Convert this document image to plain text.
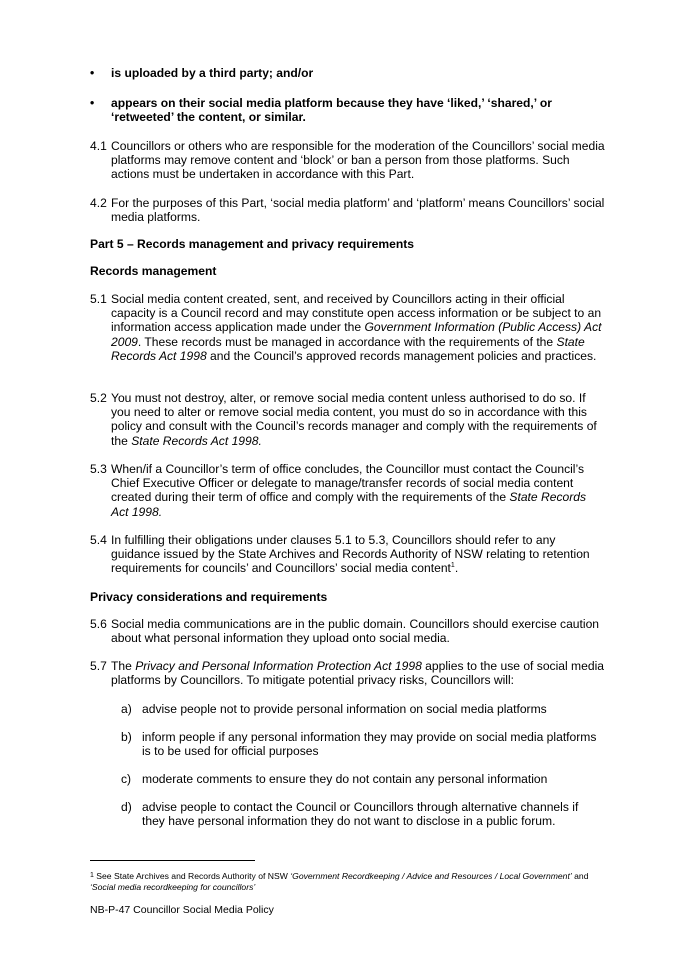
• is uploaded by a third party; and/or
• appears on their social media platform because they have ‘liked,’ ‘shared,’ or ‘retweeted’ the content, or similar.
4.1 Councillors or others who are responsible for the moderation of the Councillors’ social media platforms may remove content and ‘block’ or ban a person from those platforms. Such actions must be undertaken in accordance with this Part.
4.2 For the purposes of this Part, ‘social media platform’ and ‘platform’ means Councillors’ social media platforms.
Part 5 – Records management and privacy requirements
Records management
5.1 Social media content created, sent, and received by Councillors acting in their official capacity is a Council record and may constitute open access information or be subject to an information access application made under the Government Information (Public Access) Act 2009. These records must be managed in accordance with the requirements of the State Records Act 1998 and the Council’s approved records management policies and practices.
5.2 You must not destroy, alter, or remove social media content unless authorised to do so. If you need to alter or remove social media content, you must do so in accordance with this policy and consult with the Council’s records manager and comply with the requirements of the State Records Act 1998.
5.3 When/if a Councillor’s term of office concludes, the Councillor must contact the Council’s Chief Executive Officer or delegate to manage/transfer records of social media content created during their term of office and comply with the requirements of the State Records Act 1998.
5.4 In fulfilling their obligations under clauses 5.1 to 5.3, Councillors should refer to any guidance issued by the State Archives and Records Authority of NSW relating to retention requirements for councils’ and Councillors’ social media content$^1$.
Privacy considerations and requirements
5.6 Social media communications are in the public domain. Councillors should exercise caution about what personal information they upload onto social media.
5.7 The Privacy and Personal Information Protection Act 1998 applies to the use of social media platforms by Councillors. To mitigate potential privacy risks, Councillors will:
a) advise people not to provide personal information on social media platforms
b) inform people if any personal information they may provide on social media platforms is to be used for official purposes
c) moderate comments to ensure they do not contain any personal information
d) advise people to contact the Council or Councillors through alternative channels if they have personal information they do not want to disclose in a public forum.
$^1$ See State Archives and Records Authority of NSW ‘Government Recordkeeping / Advice and Resources / Local Government’ and ‘Social media recordkeeping for councillors’
NB-P-47 Councillor Social Media Policy
